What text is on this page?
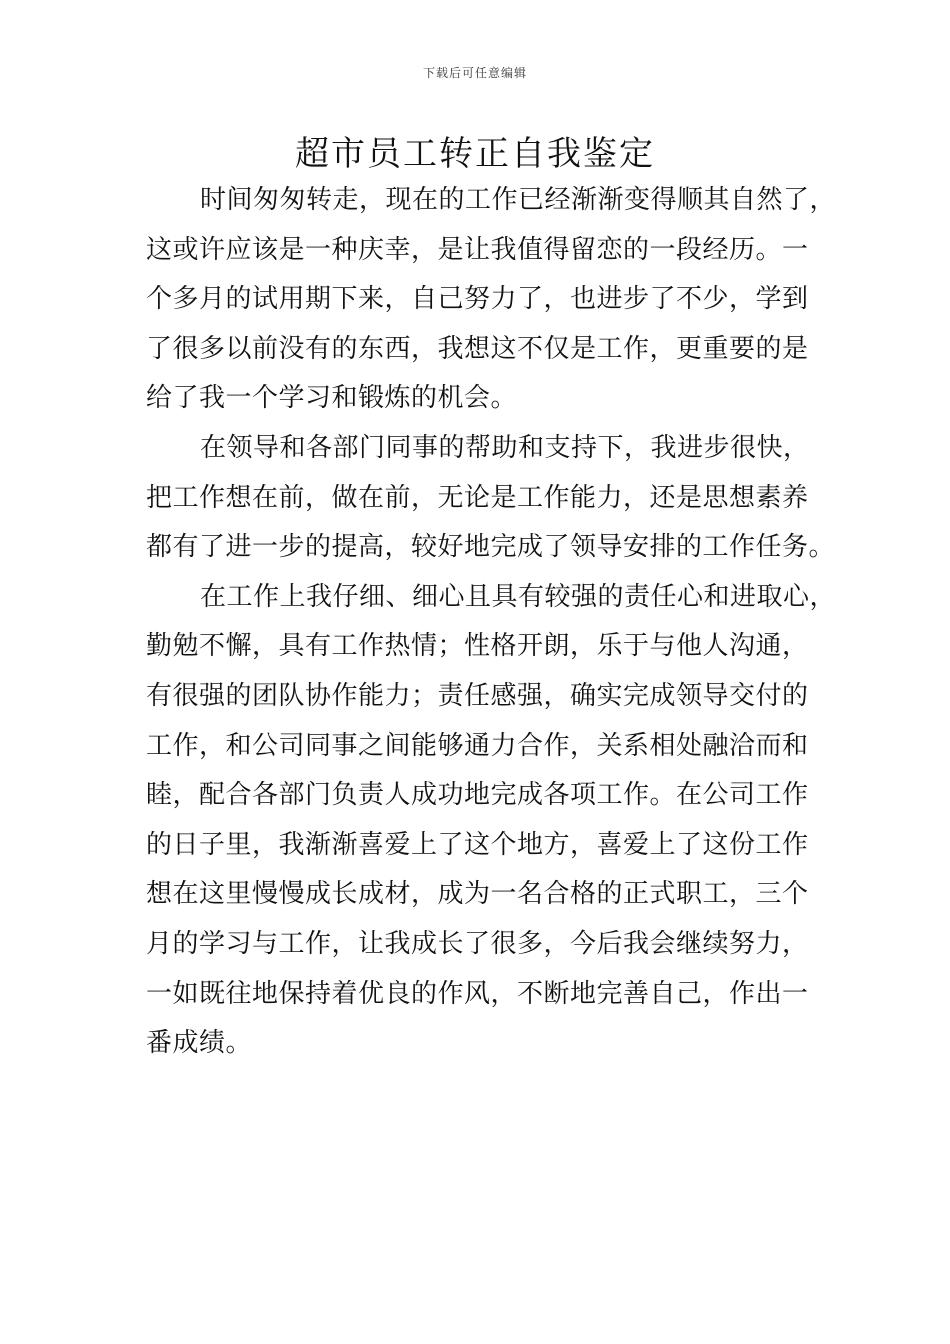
下载后可任意编辑
超市员工转正自我鉴定
时间匆匆转走，现在的工作已经渐渐变得顺其自然了，
这或许应该是一种庆幸，是让我值得留恋的一段经历。一
个多月的试用期下来，自己努力了，也进步了不少，学到
了很多以前没有的东西，我想这不仅是工作，更重要的是
给了我一个学习和锻炼的机会。
在领导和各部门同事的帮助和支持下，我进步很快，
把工作想在前，做在前，无论是工作能力，还是思想素养
都有了进一步的提高，较好地完成了领导安排的工作任务。
在工作上我仔细、细心且具有较强的责任心和进取心，
勤勉不懈，具有工作热情；性格开朗，乐于与他人沟通，
有很强的团队协作能力；责任感强，确实完成领导交付的
工作，和公司同事之间能够通力合作，关系相处融洽而和
睦，配合各部门负责人成功地完成各项工作。在公司工作
的日子里，我渐渐喜爱上了这个地方，喜爱上了这份工作
想在这里慢慢成长成材，成为一名合格的正式职工，三个
月的学习与工作，让我成长了很多，今后我会继续努力，
一如既往地保持着优良的作风，不断地完善自己，作出一
番成绩。
